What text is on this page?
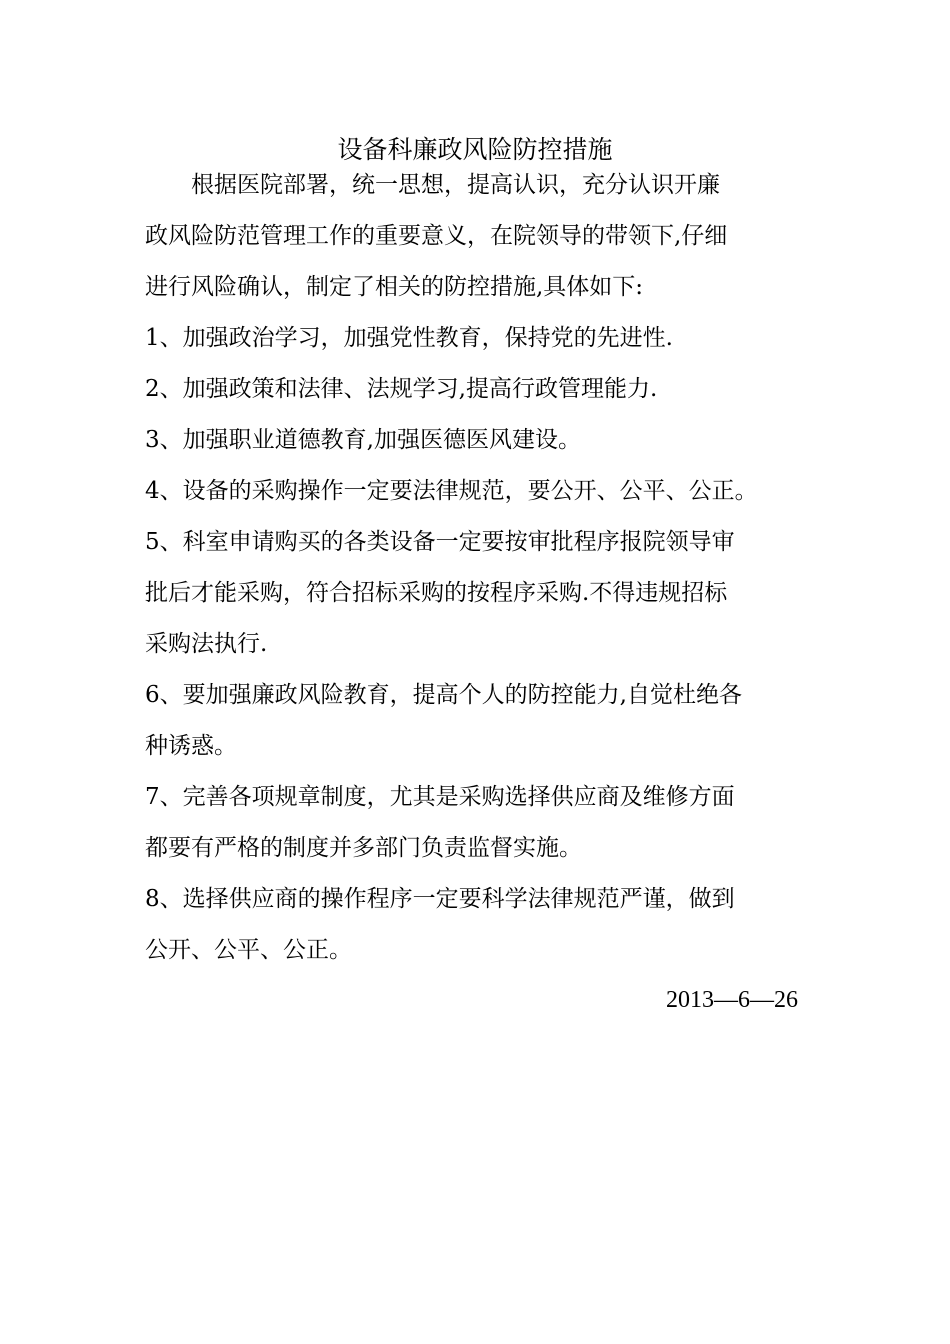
设备科廉政风险防控措施
　　根据医院部署，统一思想，提高认识，充分认识开廉
政风险防范管理工作的重要意义，在院领导的带领下,仔细
进行风险确认，制定了相关的防控措施,具体如下:
1、加强政治学习，加强党性教育，保持党的先进性.
2、加强政策和法律、法规学习,提高行政管理能力.
3、加强职业道德教育,加强医德医风建设。
4、设备的采购操作一定要法律规范，要公开、公平、公正。
5、科室申请购买的各类设备一定要按审批程序报院领导审
批后才能采购，符合招标采购的按程序采购.不得违规招标
采购法执行.
6、要加强廉政风险教育，提高个人的防控能力,自觉杜绝各
种诱惑。
7、完善各项规章制度，尤其是采购选择供应商及维修方面
都要有严格的制度并多部门负责监督实施。
8、选择供应商的操作程序一定要科学法律规范严谨，做到
公开、公平、公正。
2013—6—26
